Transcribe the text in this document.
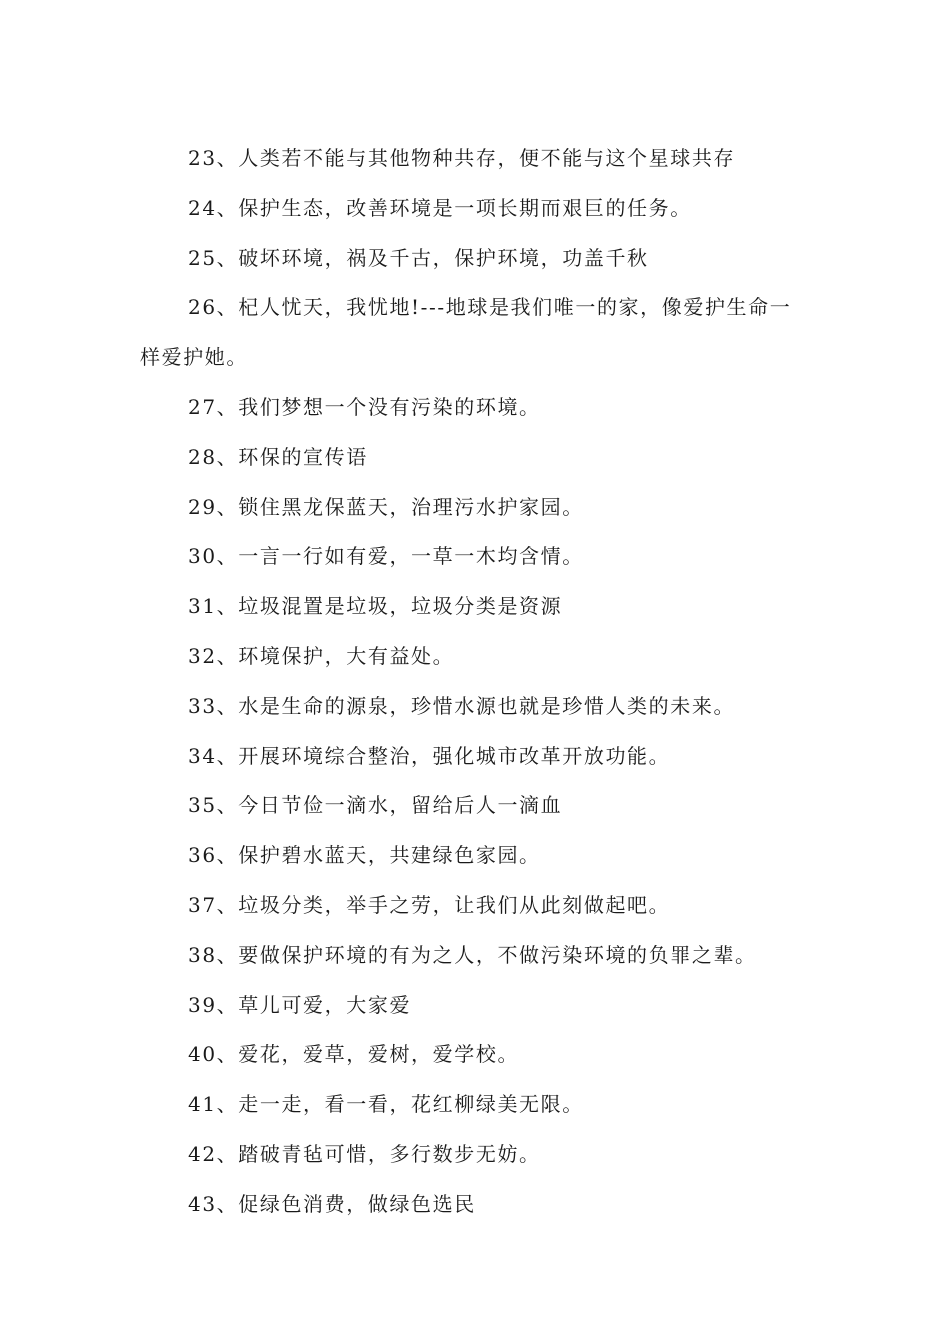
23、人类若不能与其他物种共存，便不能与这个星球共存

24、保护生态，改善环境是一项长期而艰巨的任务。

25、破坏环境，祸及千古，保护环境，功盖千秋

26、杞人忧天，我忧地!---地球是我们唯一的家，像爱护生命一样爱护她。

27、我们梦想一个没有污染的环境。

28、环保的宣传语

29、锁住黑龙保蓝天，治理污水护家园。

30、一言一行如有爱，一草一木均含情。

31、垃圾混置是垃圾，垃圾分类是资源

32、环境保护，大有益处。

33、水是生命的源泉，珍惜水源也就是珍惜人类的未来。

34、开展环境综合整治，强化城市改革开放功能。

35、今日节俭一滴水，留给后人一滴血

36、保护碧水蓝天，共建绿色家园。

37、垃圾分类，举手之劳，让我们从此刻做起吧。

38、要做保护环境的有为之人，不做污染环境的负罪之辈。

39、草儿可爱，大家爱

40、爱花，爱草，爱树，爱学校。

41、走一走，看一看，花红柳绿美无限。

42、踏破青毡可惜，多行数步无妨。

43、促绿色消费，做绿色选民
